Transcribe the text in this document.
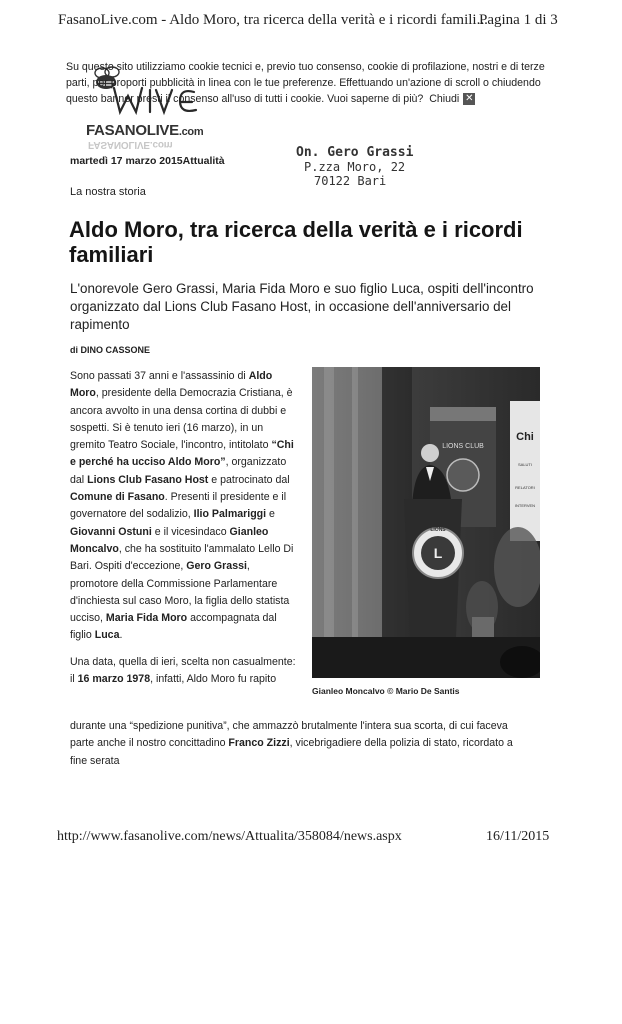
FasanoLive.com - Aldo Moro, tra ricerca della verità e i ricordi famili...
Pagina 1 di 3
FASANOLIVE.com
FASANOLIVE.com
Su questo sito utilizziamo cookie tecnici e, previo tuo consenso, cookie di profilazione, nostri e di terze parti, per proporti pubblicità in linea con le tue preferenze. Effettuando un'azione di scroll o chiudendo questo banner presti il consenso all'uso di tutti i cookie. Vuoi saperne di più? Chiudi ✕
martedì 17 marzo 2015Attualità
On. Gero Grassi
P.zza Moro, 22
70122 Bari
La nostra storia
Aldo Moro, tra ricerca della verità e i ricordi familiari
L'onorevole Gero Grassi, Maria Fida Moro e suo figlio Luca, ospiti dell'incontro organizzato dal Lions Club Fasano Host, in occasione dell'anniversario del rapimento
di DINO CASSONE
Sono passati 37 anni e l'assassinio di Aldo Moro, presidente della Democrazia Cristiana, è ancora avvolto in una densa cortina di dubbi e sospetti. Si è tenuto ieri (16 marzo), in un gremito Teatro Sociale, l'incontro, intitolato “Chi e perché ha ucciso Aldo Moro”, organizzato dal Lions Club Fasano Host e patrocinato dal Comune di Fasano. Presenti il presidente e il governatore del sodalizio, Ilio Palmariggi e Giovanni Ostuni e il vicesindaco Gianleo Moncalvo, che ha sostituito l'ammalato Lello Di Bari. Ospiti d'eccezione, Gero Grassi, promotore della Commissione Parlamentare d'inchiesta sul caso Moro, la figlia dello statista ucciso, Maria Fida Moro accompagnata dal figlio Luca.
Una data, quella di ieri, scelta non casualmente: il 16 marzo 1978, infatti, Aldo Moro fu rapito
durante una “spedizione punitiva”, che ammazzò brutalmente l'intera sua scorta, di cui faceva parte anche il nostro concittadino Franco Zizzi, vicebrigadiere della polizia di stato, ricordato a fine serata
LIONS CLUB
Chi
SALUTI
RELATORI
INTERVEN
L
LIONS
Gianleo Moncalvo © Mario De Santis
http://www.fasanolive.com/news/Attualita/358084/news.aspx	16/11/2015
